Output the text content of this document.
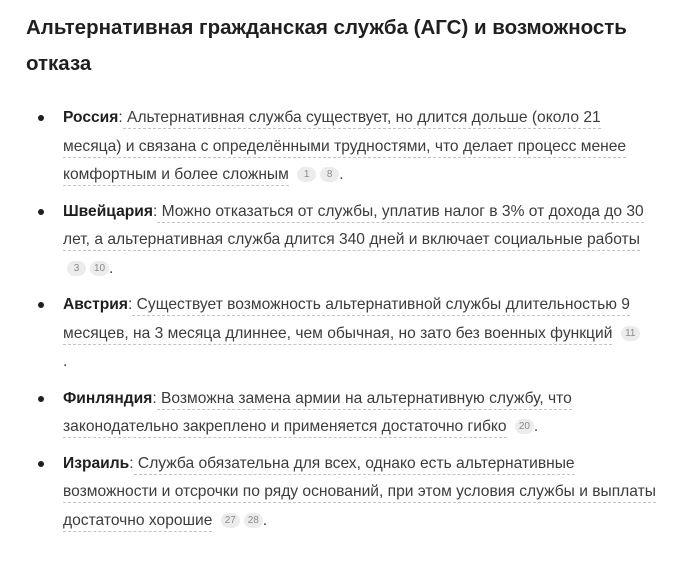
Альтернативная гражданская служба (АГС) и возможность отказа
Россия: Альтернативная служба существует, но длится дольше (около 21 месяца) и связана с определёнными трудностями, что делает процесс менее комфортным и более сложным 1 8 .
Швейцария: Можно отказаться от службы, уплатив налог в 3% от дохода до 30 лет, а альтернативная служба длится 340 дней и включает социальные работы 3 10 .
Австрия: Существует возможность альтернативной службы длительностью 9 месяцев, на 3 месяца длиннее, чем обычная, но зато без военных функций 11
.
Финляндия: Возможна замена армии на альтернативную службу, что законодательно закреплено и применяется достаточно гибко 20 .
Израиль: Служба обязательна для всех, однако есть альтернативные возможности и отсрочки по ряду оснований, при этом условия службы и выплаты достаточно хорошие 27 28 .
